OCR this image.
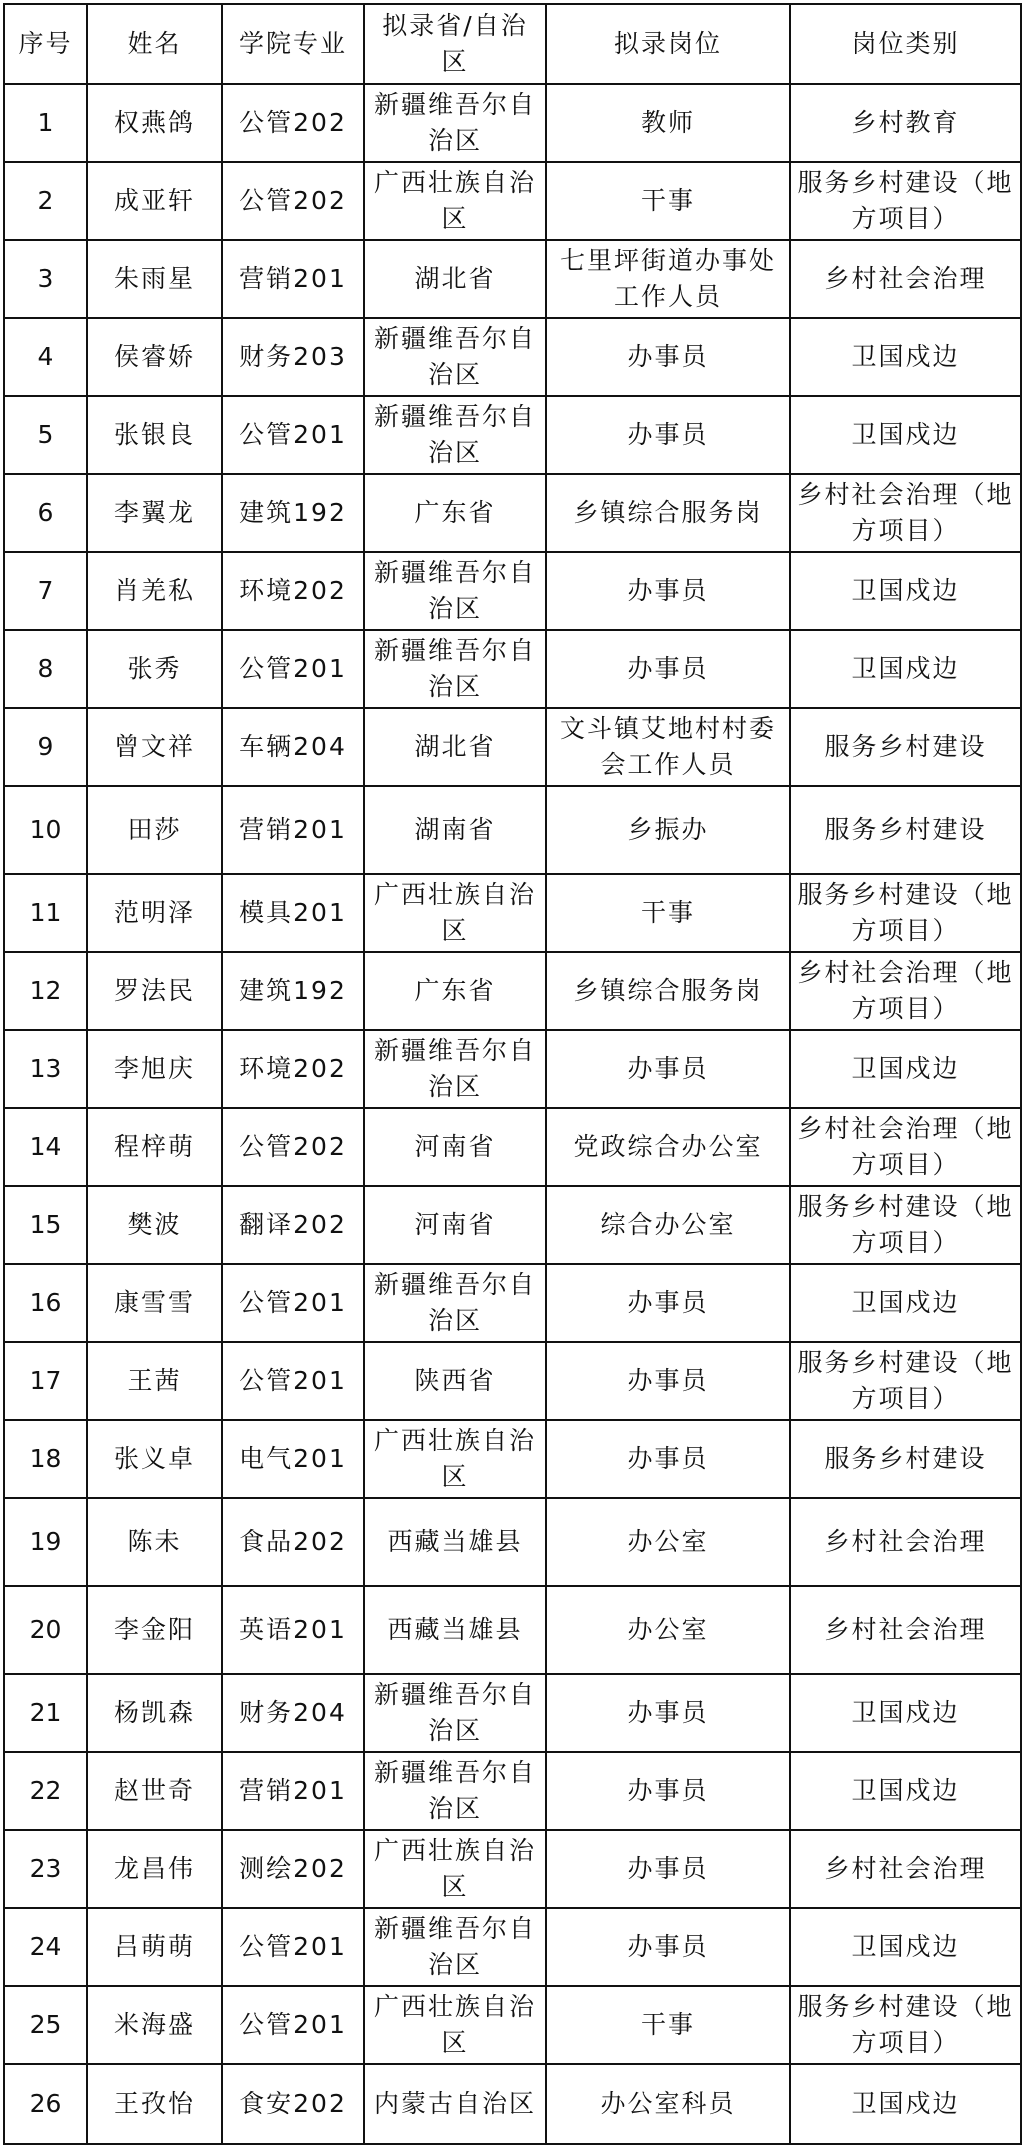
序号	姓名	学院专业	拟录省/自治区	拟录岗位	岗位类别
1	权燕鸽	公管202	新疆维吾尔自治区	教师	乡村教育
2	成亚轩	公管202	广西壮族自治区	干事	服务乡村建设（地方项目）
3	朱雨星	营销201	湖北省	七里坪街道办事处工作人员	乡村社会治理
4	侯睿娇	财务203	新疆维吾尔自治区	办事员	卫国戍边
5	张银良	公管201	新疆维吾尔自治区	办事员	卫国戍边
6	李翼龙	建筑192	广东省	乡镇综合服务岗	乡村社会治理（地方项目）
7	肖羌私	环境202	新疆维吾尔自治区	办事员	卫国戍边
8	张秀	公管201	新疆维吾尔自治区	办事员	卫国戍边
9	曾文祥	车辆204	湖北省	文斗镇艾地村村委会工作人员	服务乡村建设
10	田莎	营销201	湖南省	乡振办	服务乡村建设
11	范明泽	模具201	广西壮族自治区	干事	服务乡村建设（地方项目）
12	罗法民	建筑192	广东省	乡镇综合服务岗	乡村社会治理（地方项目）
13	李旭庆	环境202	新疆维吾尔自治区	办事员	卫国戍边
14	程梓萌	公管202	河南省	党政综合办公室	乡村社会治理（地方项目）
15	樊波	翻译202	河南省	综合办公室	服务乡村建设（地方项目）
16	康雪雪	公管201	新疆维吾尔自治区	办事员	卫国戍边
17	王茜	公管201	陕西省	办事员	服务乡村建设（地方项目）
18	张义卓	电气201	广西壮族自治区	办事员	服务乡村建设
19	陈未	食品202	西藏当雄县	办公室	乡村社会治理
20	李金阳	英语201	西藏当雄县	办公室	乡村社会治理
21	杨凯森	财务204	新疆维吾尔自治区	办事员	卫国戍边
22	赵世奇	营销201	新疆维吾尔自治区	办事员	卫国戍边
23	龙昌伟	测绘202	广西壮族自治区	办事员	乡村社会治理
24	吕萌萌	公管201	新疆维吾尔自治区	办事员	卫国戍边
25	米海盛	公管201	广西壮族自治区	干事	服务乡村建设（地方项目）
26	王孜怡	食安202	内蒙古自治区	办公室科员	卫国戍边
